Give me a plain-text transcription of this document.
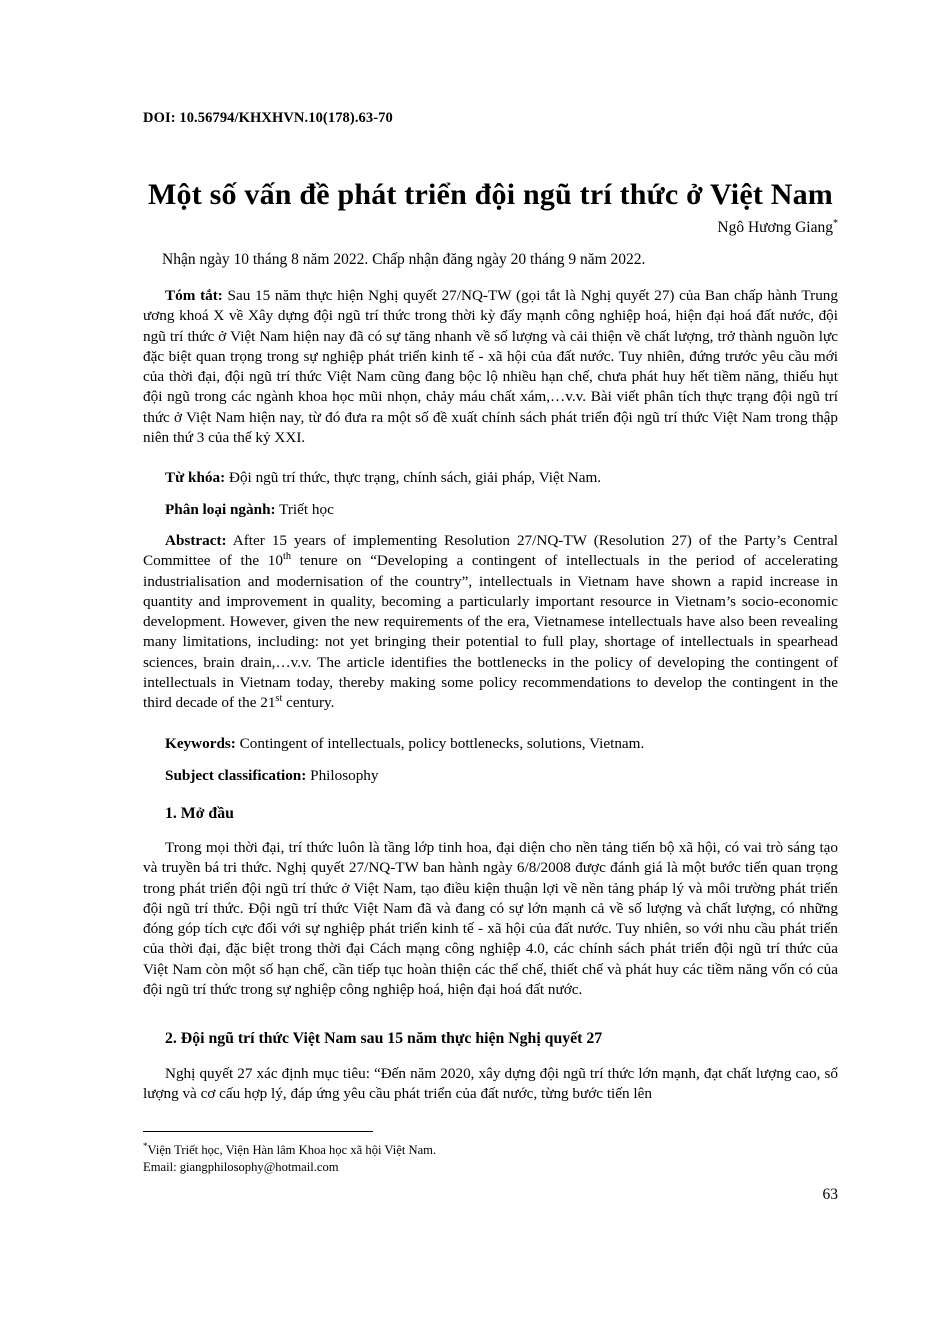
DOI: 10.56794/KHXHVN.10(178).63-70
Một số vấn đề phát triển đội ngũ trí thức ở Việt Nam
Ngô Hương Giang*
Nhận ngày 10 tháng 8 năm 2022. Chấp nhận đăng ngày 20 tháng 9 năm 2022.
Tóm tắt: Sau 15 năm thực hiện Nghị quyết 27/NQ-TW (gọi tắt là Nghị quyết 27) của Ban chấp hành Trung ương khoá X về Xây dựng đội ngũ trí thức trong thời kỳ đẩy mạnh công nghiệp hoá, hiện đại hoá đất nước, đội ngũ trí thức ở Việt Nam hiện nay đã có sự tăng nhanh về số lượng và cải thiện về chất lượng, trở thành nguồn lực đặc biệt quan trọng trong sự nghiệp phát triển kinh tế - xã hội của đất nước. Tuy nhiên, đứng trước yêu cầu mới của thời đại, đội ngũ trí thức Việt Nam cũng đang bộc lộ nhiều hạn chế, chưa phát huy hết tiềm năng, thiếu hụt đội ngũ trong các ngành khoa học mũi nhọn, chảy máu chất xám,…v.v. Bài viết phân tích thực trạng đội ngũ trí thức ở Việt Nam hiện nay, từ đó đưa ra một số đề xuất chính sách phát triển đội ngũ trí thức Việt Nam trong thập niên thứ 3 của thế kỷ XXI.
Từ khóa: Đội ngũ trí thức, thực trạng, chính sách, giải pháp, Việt Nam.
Phân loại ngành: Triết học
Abstract: After 15 years of implementing Resolution 27/NQ-TW (Resolution 27) of the Party’s Central Committee of the 10th tenure on “Developing a contingent of intellectuals in the period of accelerating industrialisation and modernisation of the country”, intellectuals in Vietnam have shown a rapid increase in quantity and improvement in quality, becoming a particularly important resource in Vietnam’s socio-economic development. However, given the new requirements of the era, Vietnamese intellectuals have also been revealing many limitations, including: not yet bringing their potential to full play, shortage of intellectuals in spearhead sciences, brain drain,…v.v. The article identifies the bottlenecks in the policy of developing the contingent of intellectuals in Vietnam today, thereby making some policy recommendations to develop the contingent in the third decade of the 21st century.
Keywords: Contingent of intellectuals, policy bottlenecks, solutions, Vietnam.
Subject classification: Philosophy
1. Mở đầu
Trong mọi thời đại, trí thức luôn là tầng lớp tinh hoa, đại diện cho nền tảng tiến bộ xã hội, có vai trò sáng tạo và truyền bá tri thức. Nghị quyết 27/NQ-TW ban hành ngày 6/8/2008 được đánh giá là một bước tiến quan trọng trong phát triển đội ngũ trí thức ở Việt Nam, tạo điều kiện thuận lợi về nền tảng pháp lý và môi trường phát triển đội ngũ trí thức. Đội ngũ trí thức Việt Nam đã và đang có sự lớn mạnh cả về số lượng và chất lượng, có những đóng góp tích cực đối với sự nghiệp phát triển kinh tế - xã hội của đất nước. Tuy nhiên, so với nhu cầu phát triển của thời đại, đặc biệt trong thời đại Cách mạng công nghiệp 4.0, các chính sách phát triển đội ngũ trí thức của Việt Nam còn một số hạn chế, cần tiếp tục hoàn thiện các thể chế, thiết chế và phát huy các tiềm năng vốn có của đội ngũ trí thức trong sự nghiệp công nghiệp hoá, hiện đại hoá đất nước.
2. Đội ngũ trí thức Việt Nam sau 15 năm thực hiện Nghị quyết 27
Nghị quyết 27 xác định mục tiêu: “Đến năm 2020, xây dựng đội ngũ trí thức lớn mạnh, đạt chất lượng cao, số lượng và cơ cấu hợp lý, đáp ứng yêu cầu phát triển của đất nước, từng bước tiến lên
*Viện Triết học, Viện Hàn lâm Khoa học xã hội Việt Nam.
Email: giangphilosophy@hotmail.com
63
